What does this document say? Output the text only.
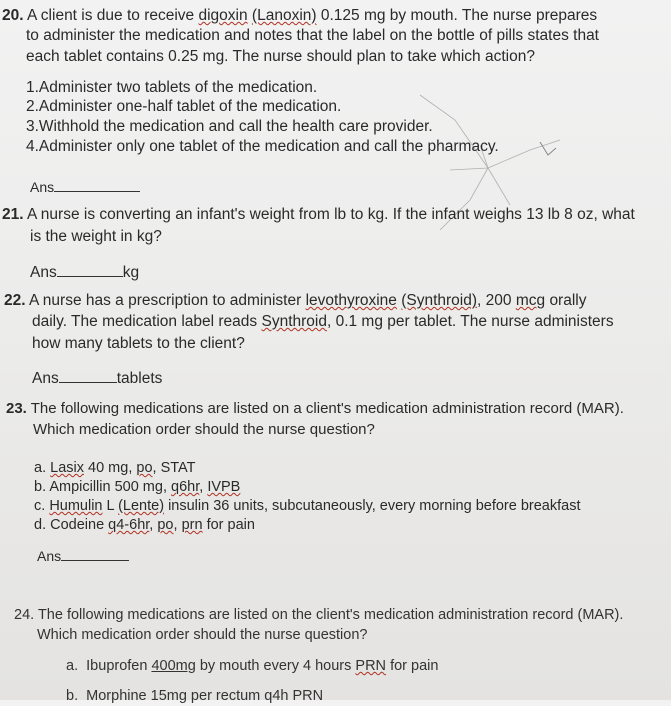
20. A client is due to receive digoxin (Lanoxin) 0.125 mg by mouth. The nurse prepares
to administer the medication and notes that the label on the bottle of pills states that
each tablet contains 0.25 mg. The nurse should plan to take which action?
1.Administer two tablets of the medication.
2.Administer one-half tablet of the medication.
3.Withhold the medication and call the health care provider.
4.Administer only one tablet of the medication and call the pharmacy.
Ans
21. A nurse is converting an infant's weight from lb to kg. If the infant weighs 13 lb 8 oz, what
is the weight in kg?
Ans	kg
22. A nurse has a prescription to administer levothyroxine (Synthroid), 200 mcg orally
daily. The medication label reads Synthroid, 0.1 mg per tablet. The nurse administers
how many tablets to the client?
Ans	tablets
23. The following medications are listed on a client's medication administration record (MAR).
Which medication order should the nurse question?
a. Lasix 40 mg, po, STAT
b. Ampicillin 500 mg, q6hr, IVPB
c. Humulin L (Lente) insulin 36 units, subcutaneously, every morning before breakfast
d. Codeine q4-6hr, po, prn for pain
Ans
24. The following medications are listed on the client's medication administration record (MAR).
Which medication order should the nurse question?
a. Ibuprofen 400mg by mouth every 4 hours PRN for pain
b. Morphine 15mg per rectum q4h PRN
